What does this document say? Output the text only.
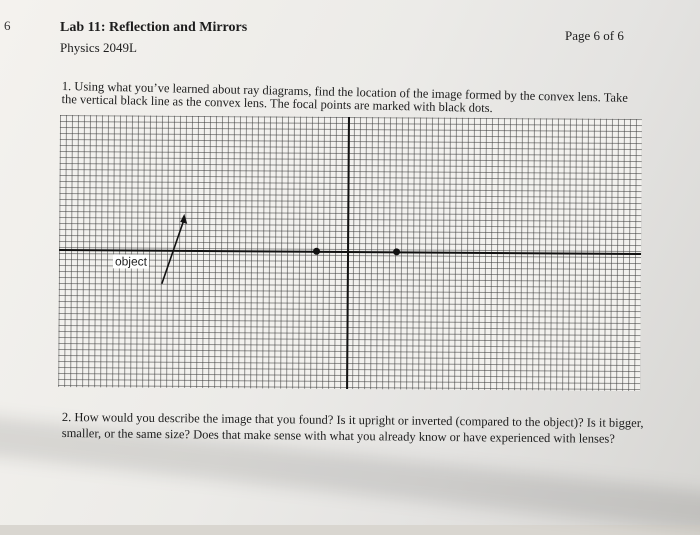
6	Lab 11: Reflection and Mirrors
Physics 2049L
Page 6 of 6
1. Using what you’ve learned about ray diagrams, find the location of the image formed by the convex lens. Take the vertical black line as the convex lens. The focal points are marked with black dots.
object
2. How would you describe the image that you found? Is it upright or inverted (compared to the object)? Is it bigger, smaller, or the same size? Does that make sense with what you already know or have experienced with lenses?
